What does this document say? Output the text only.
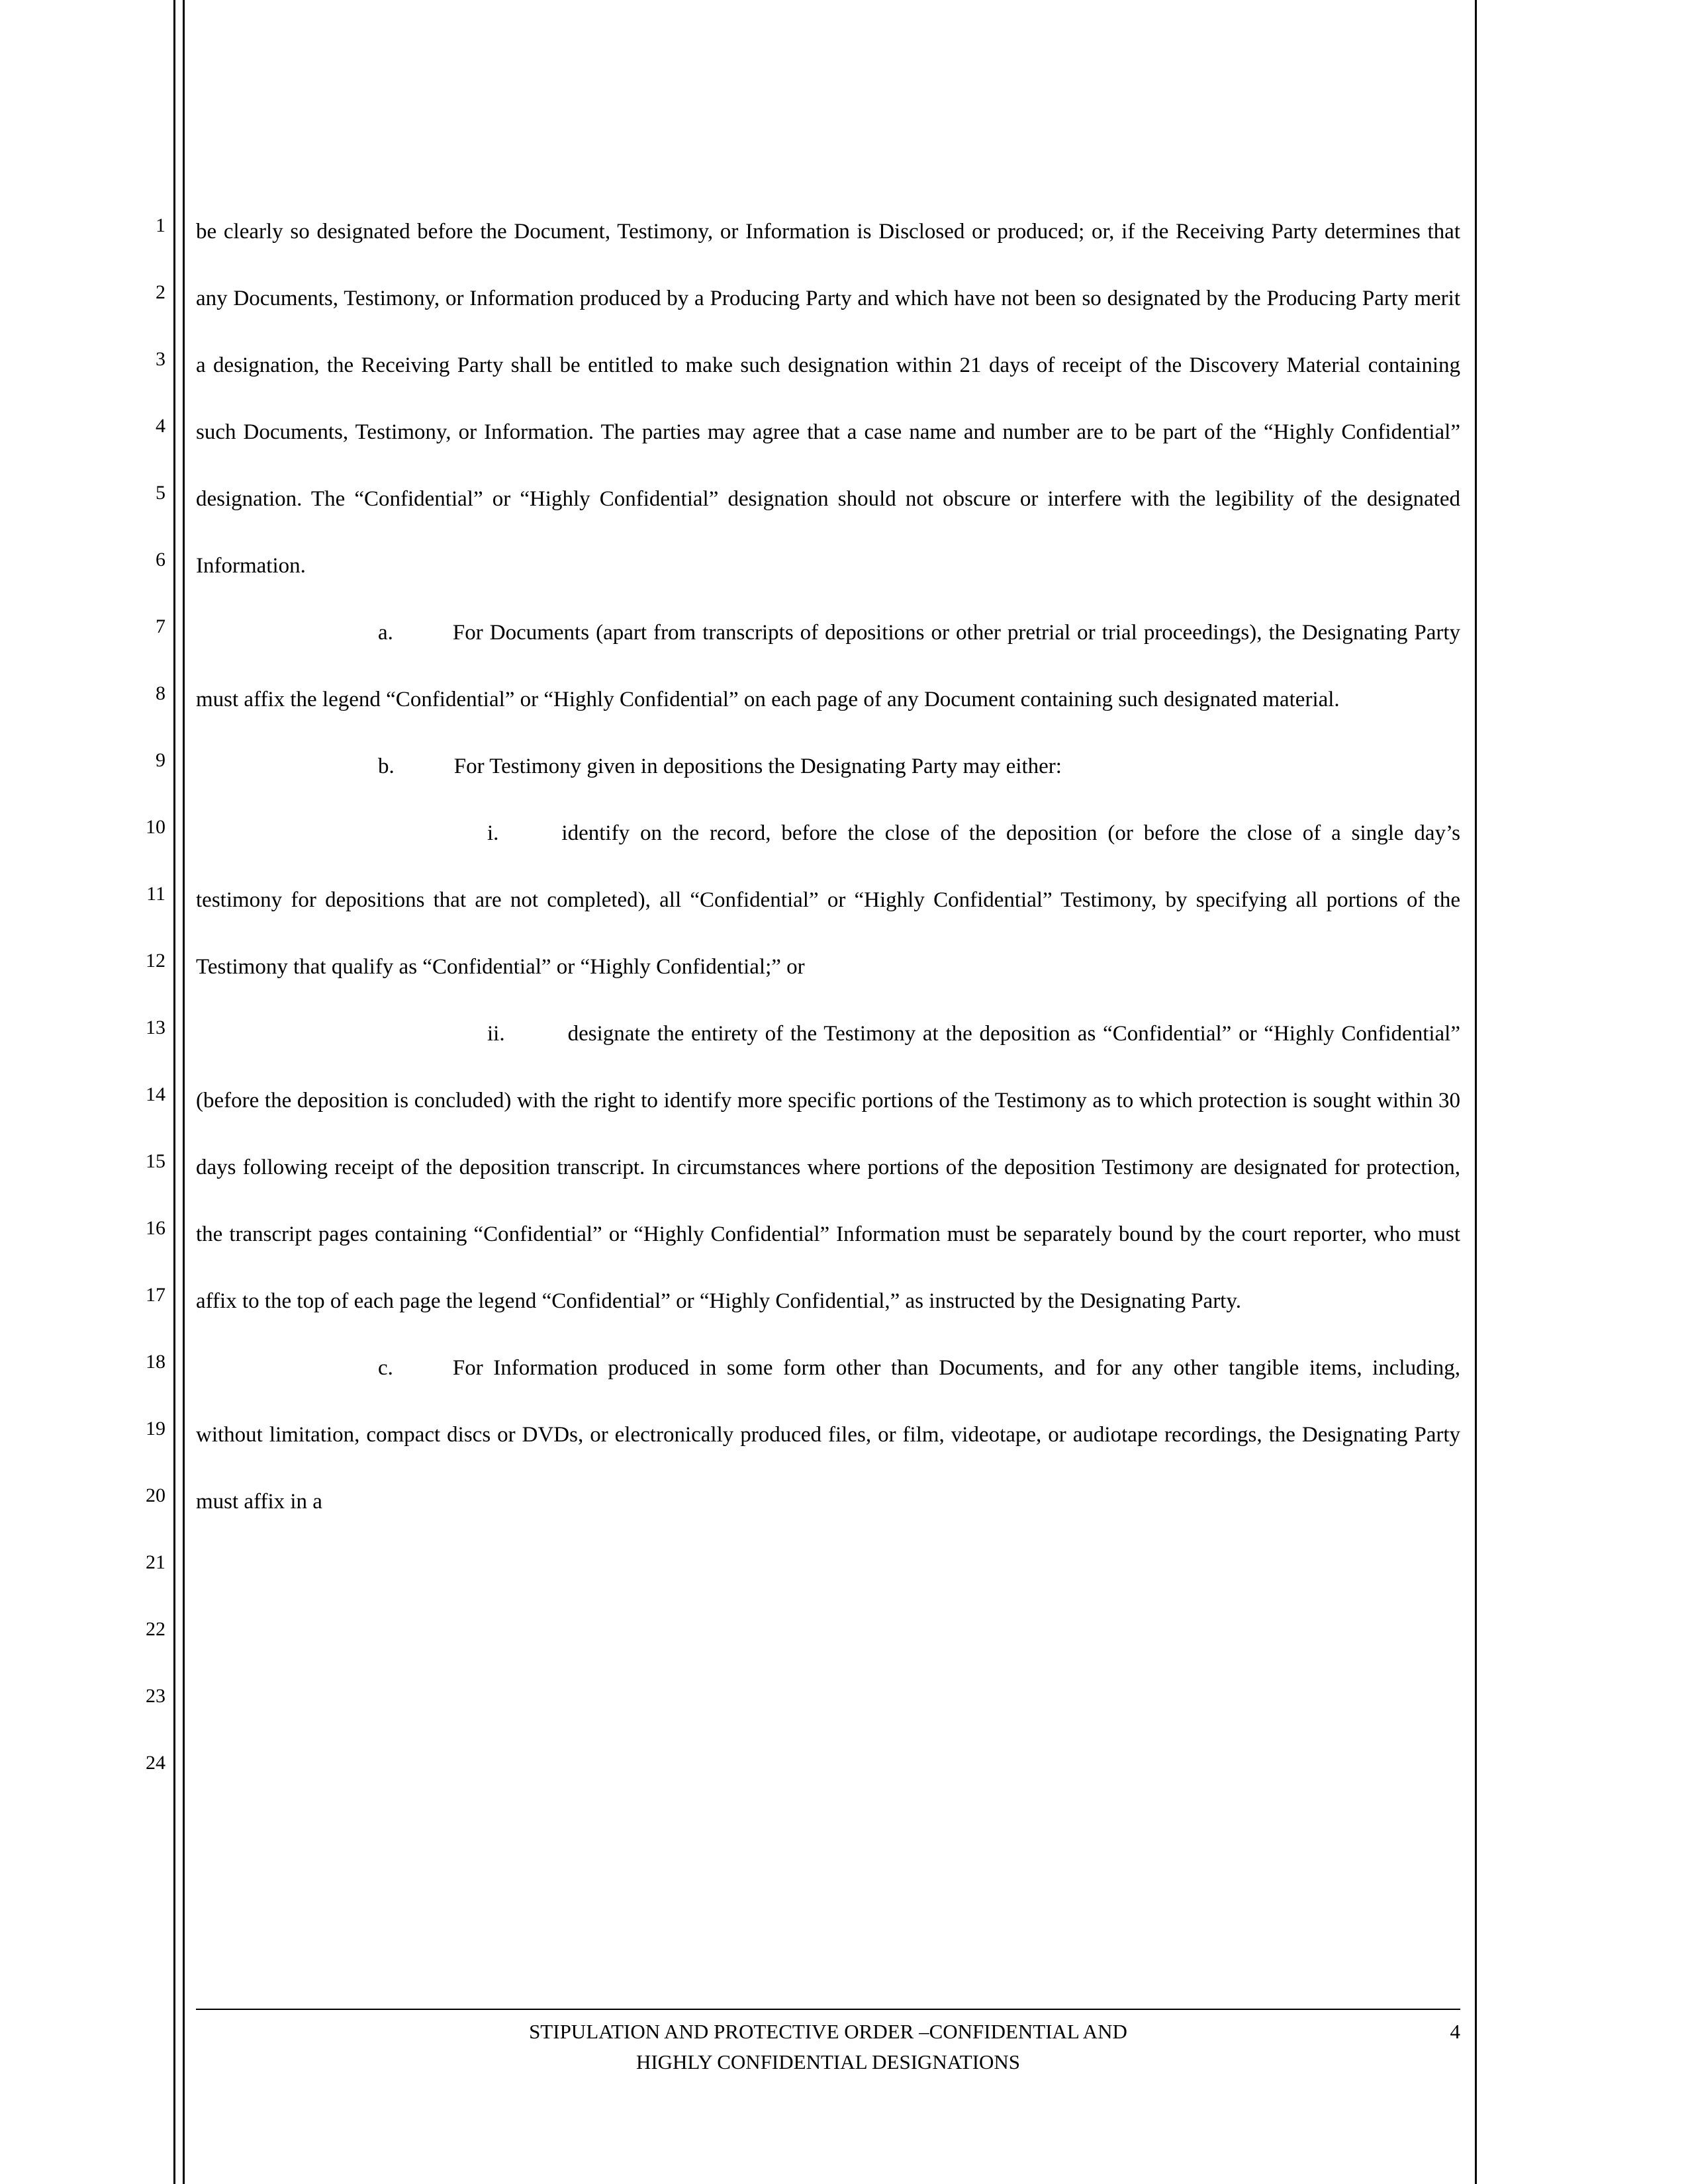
1
2
3
4
5
6
7
8
9
10
11
12
13
14
15
16
17
18
19
20
21
22
23
24

be clearly so designated before the Document, Testimony, or Information is Disclosed or produced; or, if the Receiving Party determines that any Documents, Testimony, or Information produced by a Producing Party and which have not been so designated by the Producing Party merit a designation, the Receiving Party shall be entitled to make such designation within 21 days of receipt of the Discovery Material containing such Documents, Testimony, or Information. The parties may agree that a case name and number are to be part of the “Highly Confidential” designation. The “Confidential” or “Highly Confidential” designation should not obscure or interfere with the legibility of the designated Information.

a.	For Documents (apart from transcripts of depositions or other pretrial or trial proceedings), the Designating Party must affix the legend “Confidential” or “Highly Confidential” on each page of any Document containing such designated material.

b.	For Testimony given in depositions the Designating Party may either:

i.	identify on the record, before the close of the deposition (or before the close of a single day’s testimony for depositions that are not completed), all “Confidential” or “Highly Confidential” Testimony, by specifying all portions of the Testimony that qualify as “Confidential” or “Highly Confidential;” or

ii.	designate the entirety of the Testimony at the deposition as “Confidential” or “Highly Confidential” (before the deposition is concluded) with the right to identify more specific portions of the Testimony as to which protection is sought within 30 days following receipt of the deposition transcript. In circumstances where portions of the deposition Testimony are designated for protection, the transcript pages containing “Confidential” or “Highly Confidential” Information must be separately bound by the court reporter, who must affix to the top of each page the legend “Confidential” or “Highly Confidential,” as instructed by the Designating Party.

c.	For Information produced in some form other than Documents, and for any other tangible items, including, without limitation, compact discs or DVDs, or electronically produced files, or film, videotape, or audiotape recordings, the Designating Party must affix in a

STIPULATION AND PROTECTIVE ORDER –CONFIDENTIAL AND
HIGHLY CONFIDENTIAL DESIGNATIONS
4
